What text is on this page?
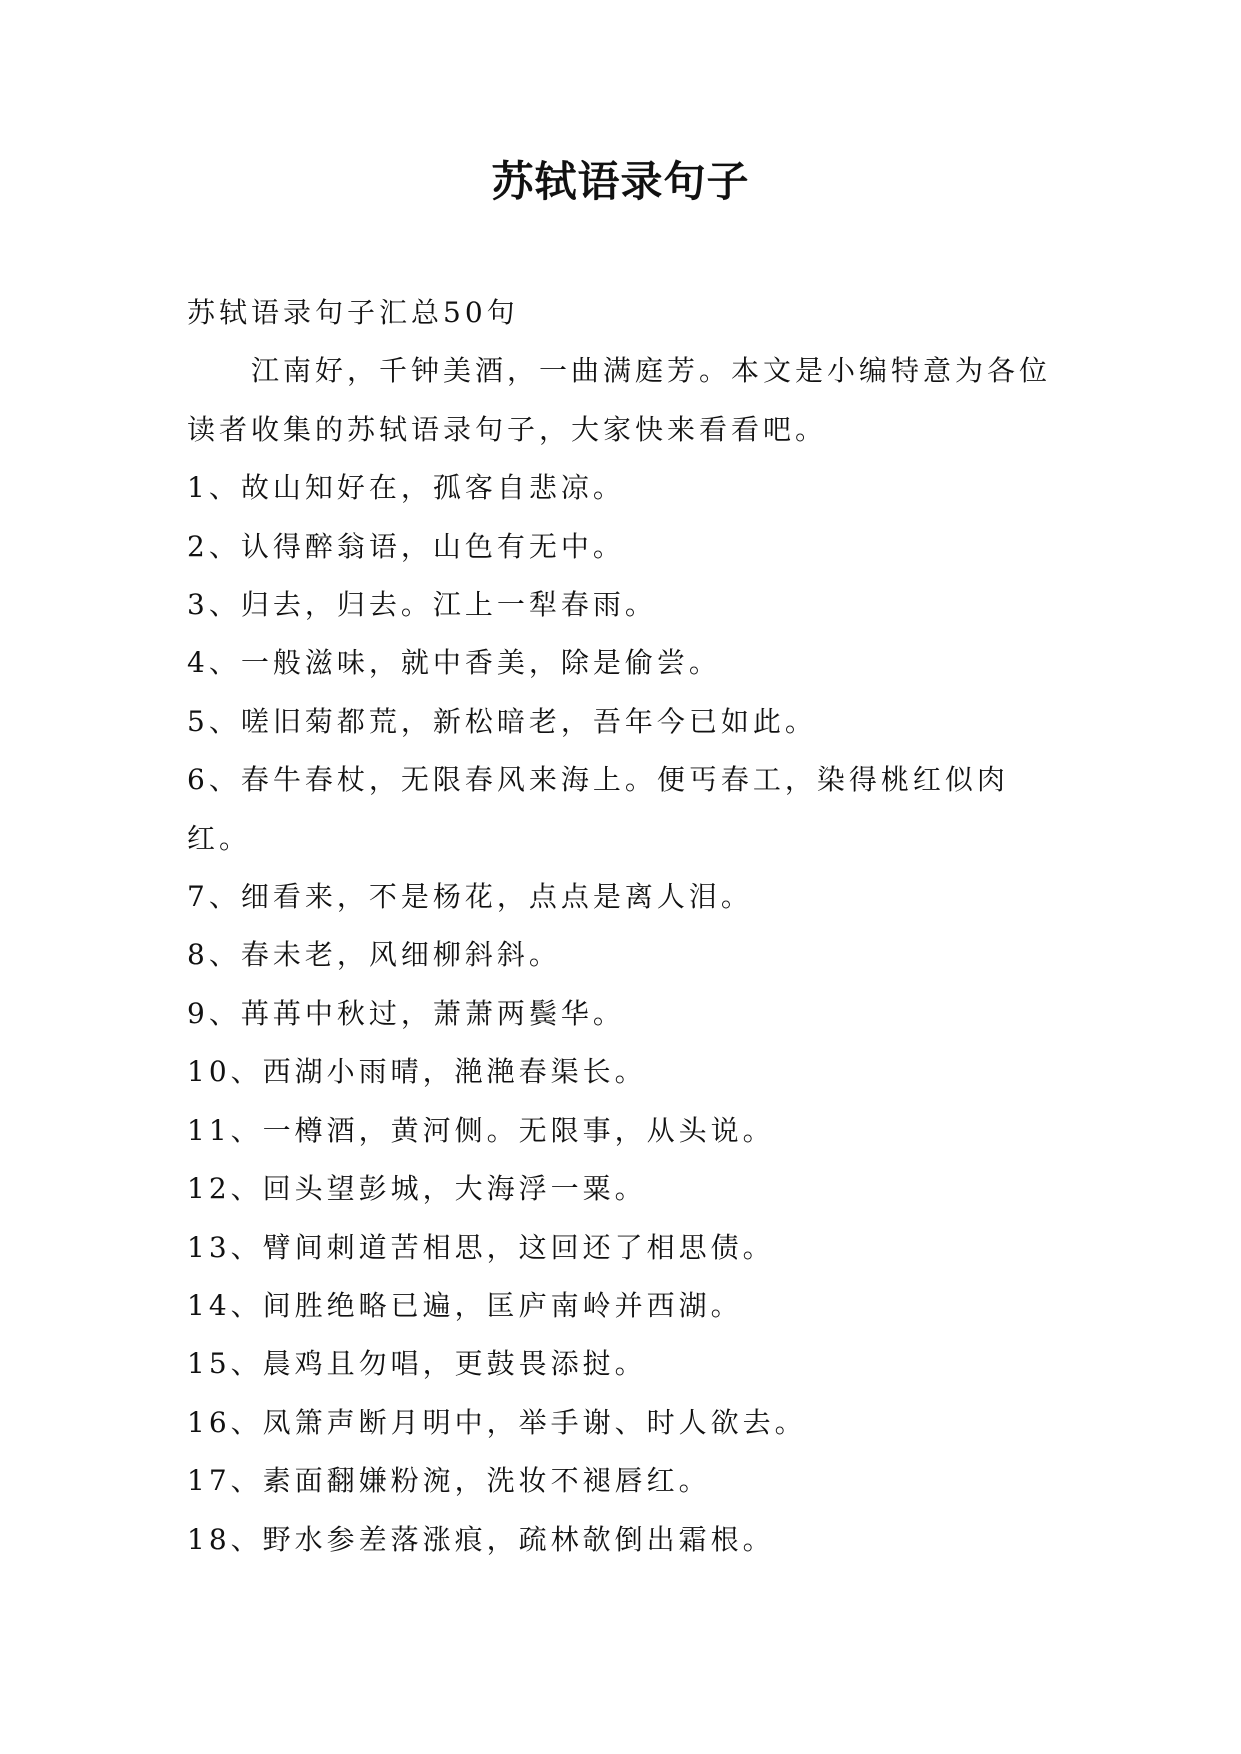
苏轼语录句子

苏轼语录句子汇总50句

江南好，千钟美酒，一曲满庭芳。本文是小编特意为各位读者收集的苏轼语录句子，大家快来看看吧。

1、故山知好在，孤客自悲凉。
2、认得醉翁语，山色有无中。
3、归去，归去。江上一犁春雨。
4、一般滋味，就中香美，除是偷尝。
5、嗟旧菊都荒，新松暗老，吾年今已如此。
6、春牛春杖，无限春风来海上。便丐春工，染得桃红似肉红。
7、细看来，不是杨花，点点是离人泪。
8、春未老，风细柳斜斜。
9、苒苒中秋过，萧萧两鬓华。
10、西湖小雨晴，滟滟春渠长。
11、一樽酒，黄河侧。无限事，从头说。
12、回头望彭城，大海浮一粟。
13、臂间刺道苦相思，这回还了相思债。
14、间胜绝略已遍，匡庐南岭并西湖。
15、晨鸡且勿唱，更鼓畏添挝。
16、凤箫声断月明中，举手谢、时人欲去。
17、素面翻嫌粉涴，洗妆不褪唇红。
18、野水参差落涨痕，疏林欹倒出霜根。
